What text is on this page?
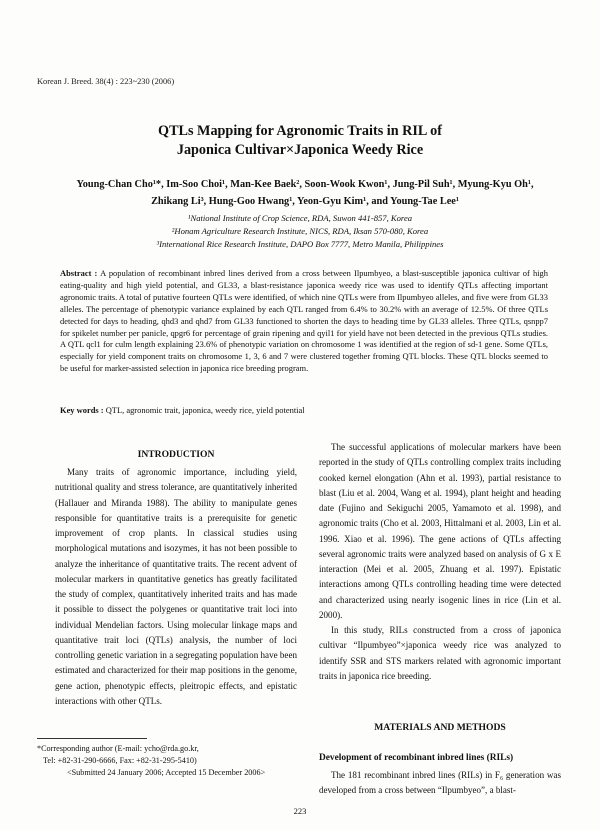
Korean J. Breed. 38(4) : 223~230 (2006)
QTLs Mapping for Agronomic Traits in RIL of
Japonica Cultivar×Japonica Weedy Rice
Young-Chan Cho¹*, Im-Soo Choi¹, Man-Kee Baek², Soon-Wook Kwon¹, Jung-Pil Suh¹, Myung-Kyu Oh¹,
Zhikang Li³, Hung-Goo Hwang¹, Yeon-Gyu Kim¹, and Young-Tae Lee¹
¹National Institute of Crop Science, RDA, Suwon 441-857, Korea
²Honam Agriculture Research Institute, NICS, RDA, Iksan 570-080, Korea
³International Rice Research Institute, DAPO Box 7777, Metro Manila, Philippines
Abstract : A population of recombinant inbred lines derived from a cross between Ilpumbyeo, a blast-susceptible japonica cultivar of high eating-quality and high yield potential, and GL33, a blast-resistance japonica weedy rice was used to identify QTLs affecting important agronomic traits. A total of putative fourteen QTLs were identified, of which nine QTLs were from Ilpumbyeo alleles, and five were from GL33 alleles. The percentage of phenotypic variance explained by each QTL ranged from 6.4% to 30.2% with an average of 12.5%. Of three QTLs detected for days to heading, qhd3 and qhd7 from GL33 functioned to shorten the days to heading time by GL33 alleles. Three QTLs, qsnpp7 for spikelet number per panicle, qpgr6 for percentage of grain ripening and qyil1 for yield have not been detected in the previous QTLs studies. A QTL qcl1 for culm length explaining 23.6% of phenotypic variation on chromosome 1 was identified at the region of sd-1 gene. Some QTLs, especially for yield component traits on chromosome 1, 3, 6 and 7 were clustered together froming QTL blocks. These QTL blocks seemed to be useful for marker-assisted selection in japonica rice breeding program.
Key words : QTL, agronomic trait, japonica, weedy rice, yield potential
INTRODUCTION

Many traits of agronomic importance, including yield, nutritional quality and stress tolerance, are quantitatively inherited (Hallauer and Miranda 1988). The ability to manipulate genes responsible for quantitative traits is a prerequisite for genetic improvement of crop plants. In classical studies using morphological mutations and isozymes, it has not been possible to analyze the inheritance of quantitative traits. The recent advent of molecular markers in quantitative genetics has greatly facilitated the study of complex, quantitatively inherited traits and has made it possible to dissect the polygenes or quantitative trait loci into individual Mendelian factors. Using molecular linkage maps and quantitative trait loci (QTLs) analysis, the number of loci controlling genetic variation in a segregating population have been estimated and characterized for their map positions in the genome, gene action, phenotypic effects, pleitropic effects, and epistatic interactions with other QTLs.

The successful applications of molecular markers have been reported in the study of QTLs controlling complex traits including cooked kernel elongation (Ahn et al. 1993), partial resistance to blast (Liu et al. 2004, Wang et al. 1994), plant height and heading date (Fujino and Sekiguchi 2005, Yamamoto et al. 1998), and agronomic traits (Cho et al. 2003, Hittalmani et al. 2003, Lin et al. 1996. Xiao et al. 1996). The gene actions of QTLs affecting several agronomic traits were analyzed based on analysis of G x E interaction (Mei et al. 2005, Zhuang et al. 1997). Epistatic interactions among QTLs controlling heading time were detected and characterized using nearly isogenic lines in rice (Lin et al. 2000).

In this study, RILs constructed from a cross of japonica cultivar “Ilpumbyeo”×japonica weedy rice was analyzed to identify SSR and STS markers related with agronomic important traits in japonica rice breeding.

MATERIALS AND METHODS
Development of recombinant inbred lines (RILs)

The 181 recombinant inbred lines (RILs) in F₆ generation was developed from a cross between “Ilpumbyeo”, a blast-

*Corresponding author (E-mail: ycho@rda.go.kr,
Tel: +82-31-290-6666, Fax: +82-31-295-5410)
<Submitted 24 January 2006; Accepted 15 December 2006>
223
